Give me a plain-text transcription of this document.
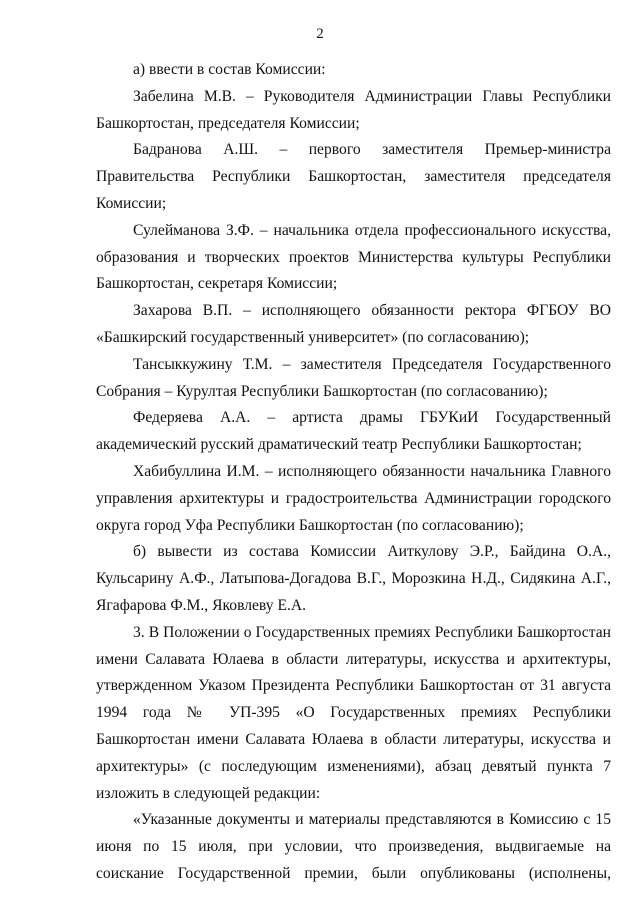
2

а) ввести в состав Комиссии:

Забелина М.В. – Руководителя Администрации Главы Республики Башкортостан, председателя Комиссии;

Бадранова А.Ш. – первого заместителя Премьер-министра Правительства Республики Башкортостан, заместителя председателя Комиссии;

Сулейманова З.Ф. – начальника отдела профессионального искусства, образования и творческих проектов Министерства культуры Республики Башкортостан, секретаря Комиссии;

Захарова В.П. – исполняющего обязанности ректора ФГБОУ ВО «Башкирский государственный университет» (по согласованию);

Тансыккужину Т.М. – заместителя Председателя Государственного Собрания – Курултая Республики Башкортостан (по согласованию);

Федеряева А.А. – артиста драмы ГБУКиИ Государственный академический русский драматический театр Республики Башкортостан;

Хабибуллина И.М. – исполняющего обязанности начальника Главного управления архитектуры и градостроительства Администрации городского округа город Уфа Республики Башкортостан (по согласованию);

б) вывести из состава Комиссии Аиткулову Э.Р., Байдина О.А., Кульсарину А.Ф., Латыпова-Догадова В.Г., Морозкина Н.Д., Сидякина А.Г., Ягафарова Ф.М., Яковлеву Е.А.

3. В Положении о Государственных премиях Республики Башкортостан имени Салавата Юлаева в области литературы, искусства и архитектуры, утвержденном Указом Президента Республики Башкортостан от 31 августа 1994 года № УП-395 «О Государственных премиях Республики Башкортостан имени Салавата Юлаева в области литературы, искусства и архитектуры» (с последующим изменениями), абзац девятый пункта 7 изложить в следующей редакции:

«Указанные документы и материалы представляются в Комиссию с 15 июня по 15 июля, при условии, что произведения, выдвигаемые на соискание Государственной премии, были опубликованы (исполнены,
